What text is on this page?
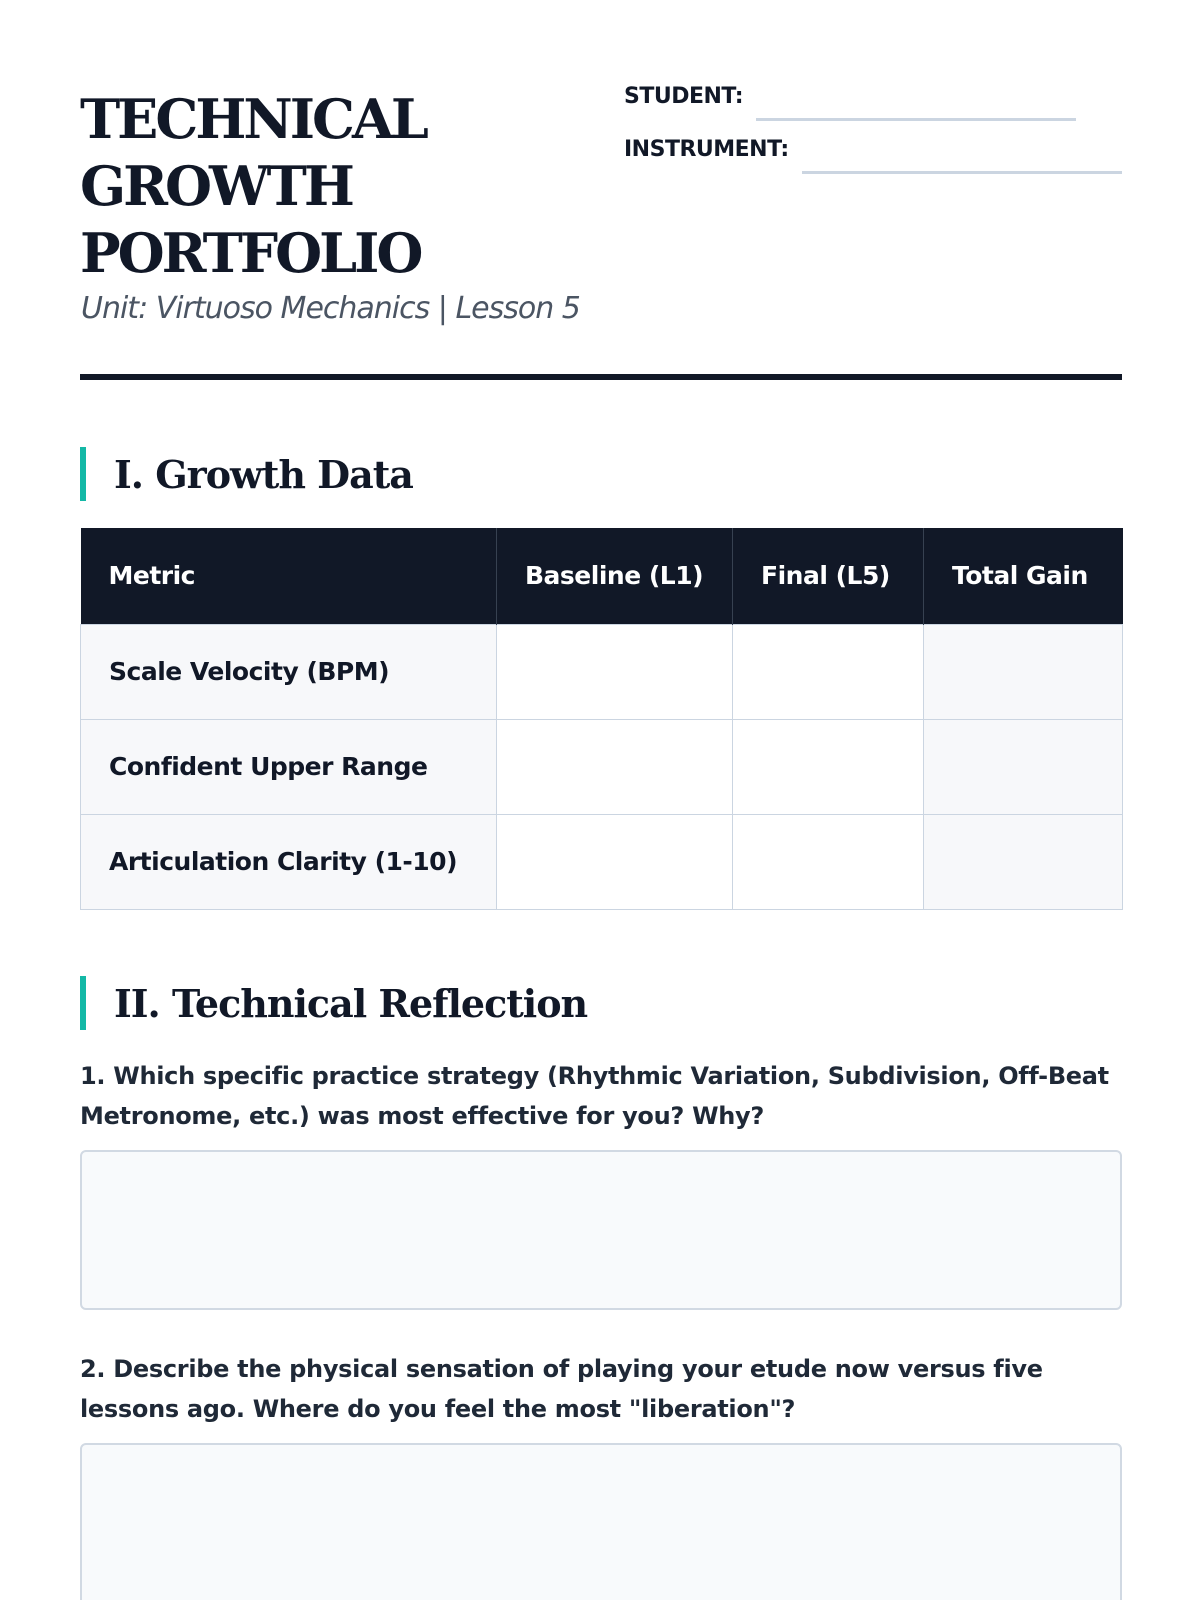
TECHNICAL
GROWTH
PORTFOLIO
Unit: Virtuoso Mechanics | Lesson 5
STUDENT:
INSTRUMENT:
I. Growth Data
Metric	Baseline (L1)	Final (L5)	Total Gain
Scale Velocity (BPM)			
Confident Upper Range			
Articulation Clarity (1-10)			
II. Technical Reflection

1. Which specific practice strategy (Rhythmic Variation, Subdivision, Off-Beat Metronome, etc.) was most effective for you? Why?

2. Describe the physical sensation of playing your etude now versus five lessons ago. Where do you feel the most "liberation"?
